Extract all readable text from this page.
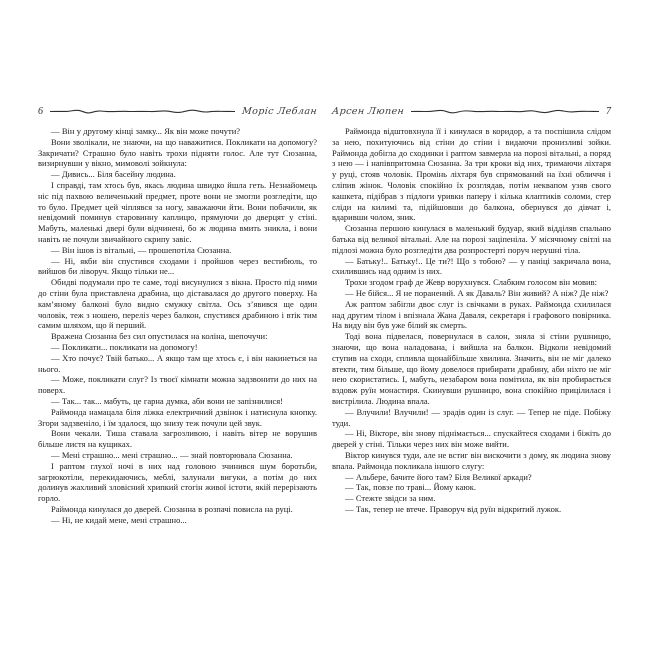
6	Моріс Леблан

— Він у другому кінці замку... Як він може почути?

Вони зволікали, не знаючи, на що наважитися. Покликати на допомогу? Закричати? Страшно було навіть трохи підняти голос. Але тут Сюзанна, визирнувши у вікно, мимоволі зойкнула:

— Дивись... Біля басейну людина.

І справді, там хтось був, якась людина швидко йшла геть. Незнайомець ніс під пахвою величенький предмет, проте вони не змогли розгледіти, що то було. Предмет цей чіплявся за ногу, заважаючи йти. Вони побачили, як невідомий поминув старовинну каплицю, прямуючи до дверцят у стіні. Мабуть, маленькі двері були відчинені, бо ж людина вмить зникла, і вони навіть не почули звичайного скрипу завіс.

— Він ішов із вітальні, — прошепотіла Сюзанна.

— Ні, якби він спустився сходами і пройшов через вестибюль, то вийшов би ліворуч. Якщо тільки не...

Обидві подумали про те саме, тоді висунулися з вікна. Просто під ними до стіни була приставлена драбина, що діставалася до другого поверху. На кам’яному балконі було видно смужку світла. Ось з’явився ще один чоловік, теж з ношею, переліз через балкон, спустився драбиною і втік тим самим шляхом, що й перший.

Вражена Сюзанна без сил опустилася на коліна, шепочучи:

— Покликати... покликати на допомогу!

— Хто почує? Твій батько... А якщо там ще хтось є, і він накинеться на нього.

— Може, покликати слуг? Із твоєї кімнати можна задзвонити до них на поверх.

— Так... так... мабуть, це гарна думка, аби вони не запізнилися!

Раймонда намацала біля ліжка електричний дзвінок і натиснула кнопку. Згори задзвеніло, і їм здалося, що знизу теж почули цей звук.

Вони чекали. Тиша ставала загрозливою, і навіть вітер не ворушив більше листя на кущиках.

— Мені страшно... мені страшно... — знай повторювала Сюзанна.

І раптом глухої ночі в них над головою зчинився шум боротьби, загрюкотіли, перекидаючись, меблі, залунали вигуки, а потім до них долинув жахливий зловісний хрипкий стогін живої істоти, якій перерізають горло.

Раймонда кинулася до дверей. Сюзанна в розпачі повисла на руці.

— Ні, не кидай мене, мені страшно...

Арсен Люпен	7

Раймонда відштовхнула її і кинулася в коридор, а та поспішила слідом за нею, похитуючись від стіни до стіни і видаючи пронизливі зойки. Раймонда добігла до сходинки і раптом завмерла на порозі вітальні, а поряд з нею — і напівпритомна Сюзанна. За три кроки від них, тримаючи ліхтаря у руці, стояв чоловік. Промінь ліхтаря був спрямований на їхні обличчя і сліпив жінок. Чоловік спокійно їх розглядав, потім неквапом узяв свого кашкета, підібрав з підлоги уривки паперу і кілька клаптиків соломи, стер сліди на килимі та, підійшовши до балкона, обернувся до дівчат і, вдаривши чолом, зник.

Сюзанна першою кинулася в маленький будуар, який відділяв спальню батька від великої вітальні. Але на порозі заціпеніла. У місячному світлі на підлозі можна було розгледіти два розпростерті поруч нерушні тіла.

— Батьку!.. Батьку!.. Це ти?! Що з тобою? — у паніці закричала вона, схилившись над одним із них.

Трохи згодом граф де Жевр ворухнувся. Слабким голосом він мовив:

— Не бійся... Я не поранений. А як Даваль? Він живий? А ніж? Де ніж?

Аж раптом забігли двоє слуг із свічками в руках. Раймонда схилилася над другим тілом і впізнала Жана Даваля, секретаря і графового повірника. На виду він був уже білий як смерть.

Тоді вона підвелася, повернулася в салон, зняла зі стіни рушницю, знаючи, що вона наладована, і вийшла на балкон. Відколи невідомий ступив на сходи, спливла щонайбільше хвилина. Значить, він не міг далеко втекти, тим більше, що йому довелося прибирати драбину, аби ніхто не міг нею скористатись. І, мабуть, незабаром вона помітила, як він пробирається вздовж руїн монастиря. Скинувши рушницю, вона спокійно прицілилася і вистрілила. Людина впала.

— Влучили! Влучили! — зрадів один із слуг. — Тепер не піде. Побіжу туди.

— Ні, Вікторе, він знову піднімається... спускайтеся сходами і біжіть до дверей у стіні. Тільки через них він може вийти.

Віктор кинувся туди, але не встиг він вискочити з дому, як людина знову впала. Раймонда покликала іншого слугу:

— Альбере, бачите його там? Біля Великої аркади?

— Так, повзе по траві... Йому каюк.

— Стежте звідси за ним.

— Так, тепер не втече. Праворуч від руїн відкритий лужок.
